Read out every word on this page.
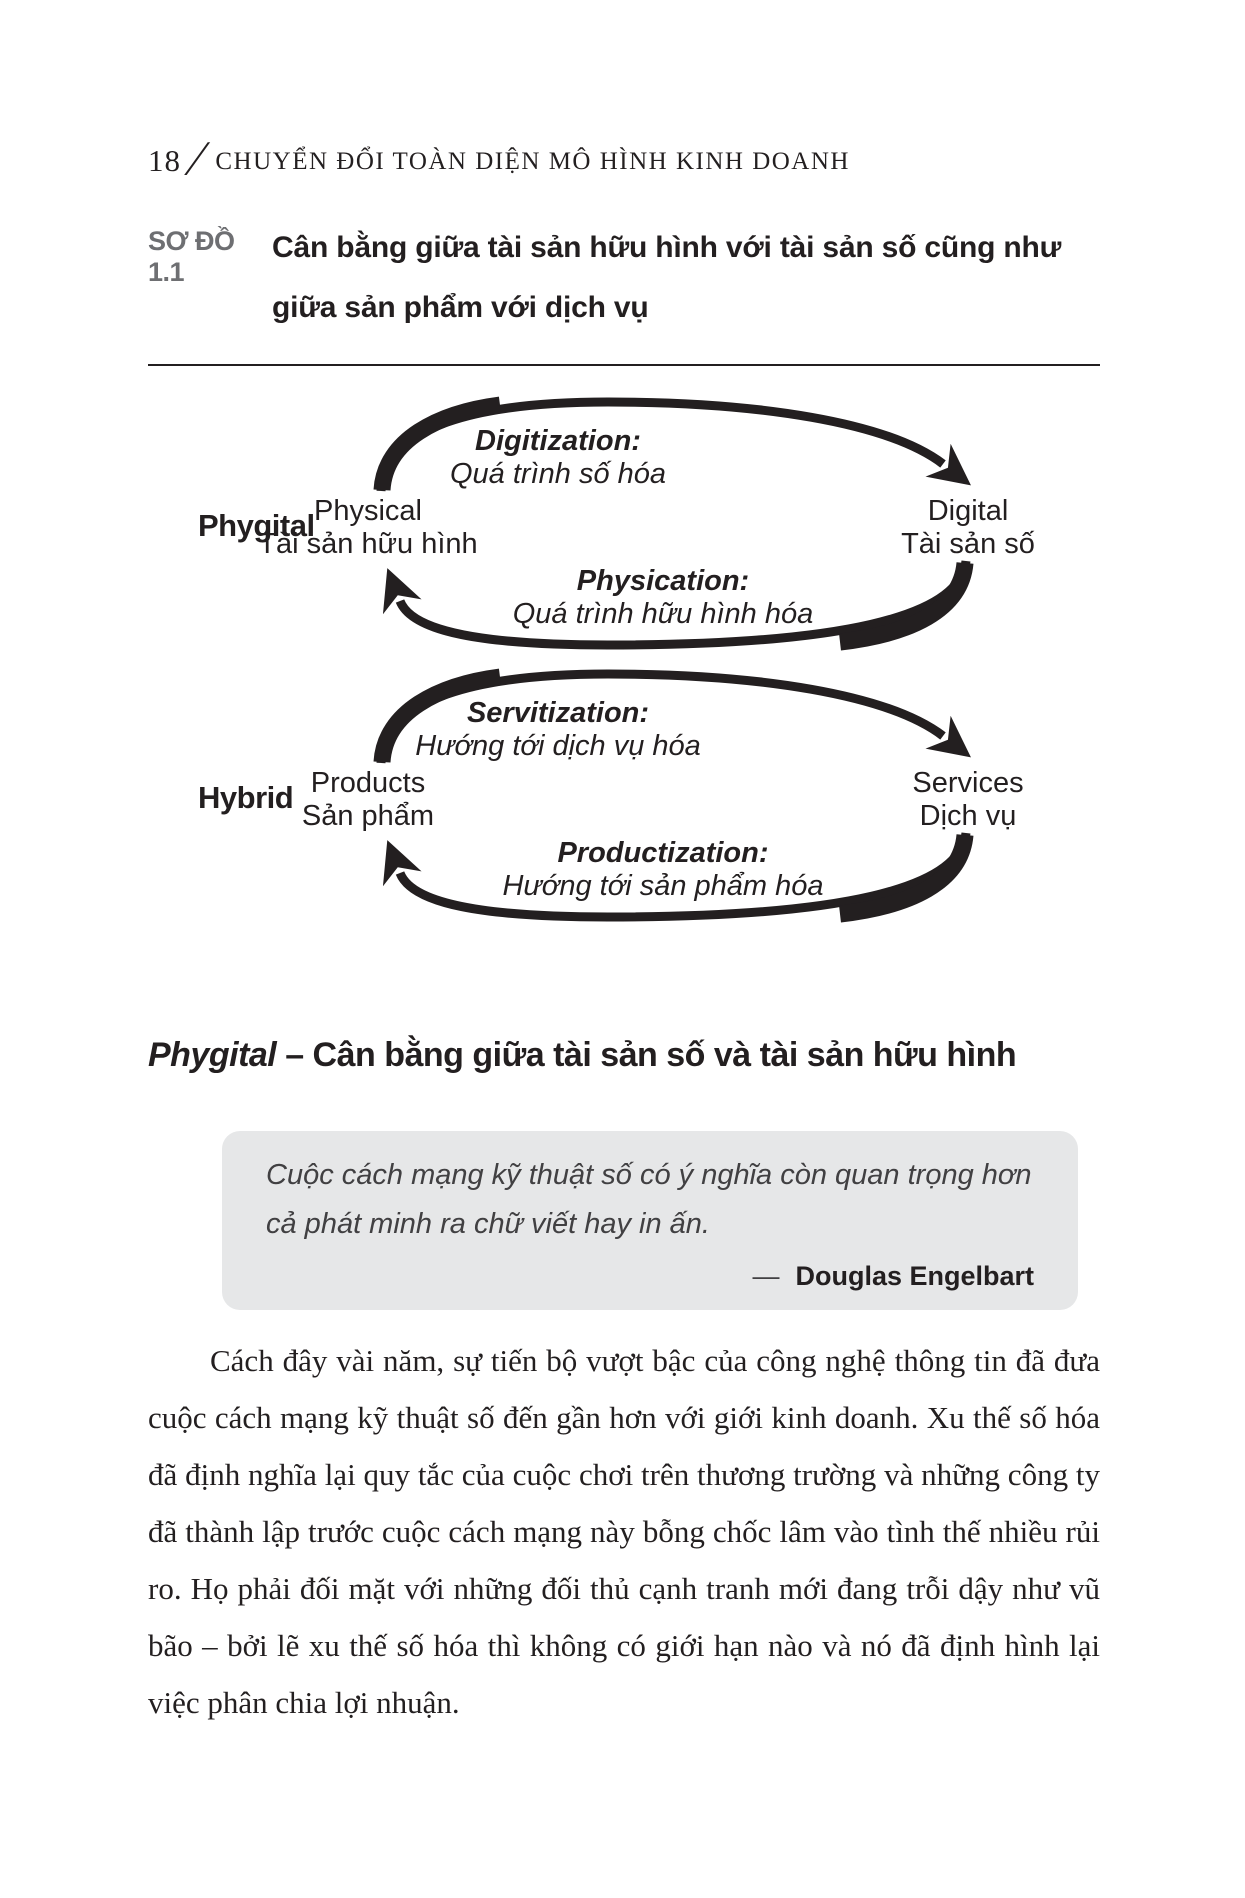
18 ∕ CHUYỂN ĐỔI TOÀN DIỆN MÔ HÌNH KINH DOANH
SƠ ĐỒ 1.1
Cân bằng giữa tài sản hữu hình với tài sản số cũng như
giữa sản phẩm với dịch vụ
Phygital Physical
Tài sản hữu hình
Digital
Tài sản số
Digitization:
Quá trình số hóa
Physication:
Quá trình hữu hình hóa
Hybrid Products
Sản phẩm
Services
Dịch vụ
Servitization:
Hướng tới dịch vụ hóa
Productization:
Hướng tới sản phẩm hóa
Phygital – Cân bằng giữa tài sản số và tài sản hữu hình
Cuộc cách mạng kỹ thuật số có ý nghĩa còn quan trọng hơn cả phát minh ra chữ viết hay in ấn.
— Douglas Engelbart

Cách đây vài năm, sự tiến bộ vượt bậc của công nghệ thông tin đã đưa cuộc cách mạng kỹ thuật số đến gần hơn với giới kinh doanh. Xu thế số hóa đã định nghĩa lại quy tắc của cuộc chơi trên thương trường và những công ty đã thành lập trước cuộc cách mạng này bỗng chốc lâm vào tình thế nhiều rủi ro. Họ phải đối mặt với những đối thủ cạnh tranh mới đang trỗi dậy như vũ bão – bởi lẽ xu thế số hóa thì không có giới hạn nào và nó đã định hình lại việc phân chia lợi nhuận.
